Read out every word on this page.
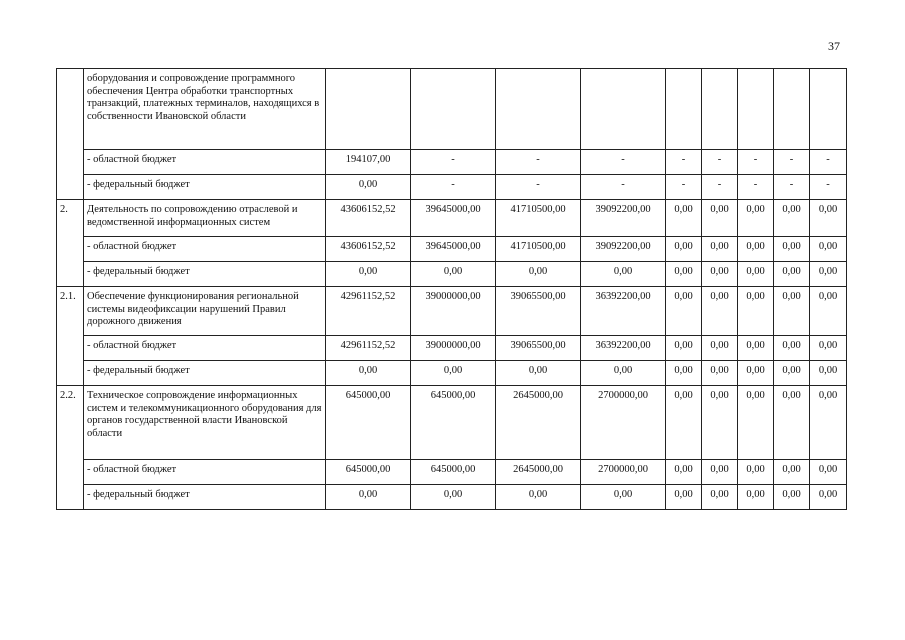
37
	оборудования и сопровождение программного обеспечения Центра обработки транспортных транзакций, платежных терминалов, находящихся в собственности Ивановской области									
	- областной бюджет	194107,00	-	-	-	-	-	-	-	-
	- федеральный бюджет	0,00	-	-	-	-	-	-	-	-
2.	Деятельность по сопровождению отраслевой и ведомственной информационных систем	43606152,52	39645000,00	41710500,00	39092200,00	0,00	0,00	0,00	0,00	0,00
	- областной бюджет	43606152,52	39645000,00	41710500,00	39092200,00	0,00	0,00	0,00	0,00	0,00
	- федеральный бюджет	0,00	0,00	0,00	0,00	0,00	0,00	0,00	0,00	0,00
2.1.	Обеспечение функционирования региональной системы видеофиксации нарушений Правил дорожного движения	42961152,52	39000000,00	39065500,00	36392200,00	0,00	0,00	0,00	0,00	0,00
	- областной бюджет	42961152,52	39000000,00	39065500,00	36392200,00	0,00	0,00	0,00	0,00	0,00
	- федеральный бюджет	0,00	0,00	0,00	0,00	0,00	0,00	0,00	0,00	0,00
2.2.	Техническое сопровождение информационных систем и телекоммуникационного оборудования для органов государственной власти Ивановской области	645000,00	645000,00	2645000,00	2700000,00	0,00	0,00	0,00	0,00	0,00
	- областной бюджет	645000,00	645000,00	2645000,00	2700000,00	0,00	0,00	0,00	0,00	0,00
	- федеральный бюджет	0,00	0,00	0,00	0,00	0,00	0,00	0,00	0,00	0,00
